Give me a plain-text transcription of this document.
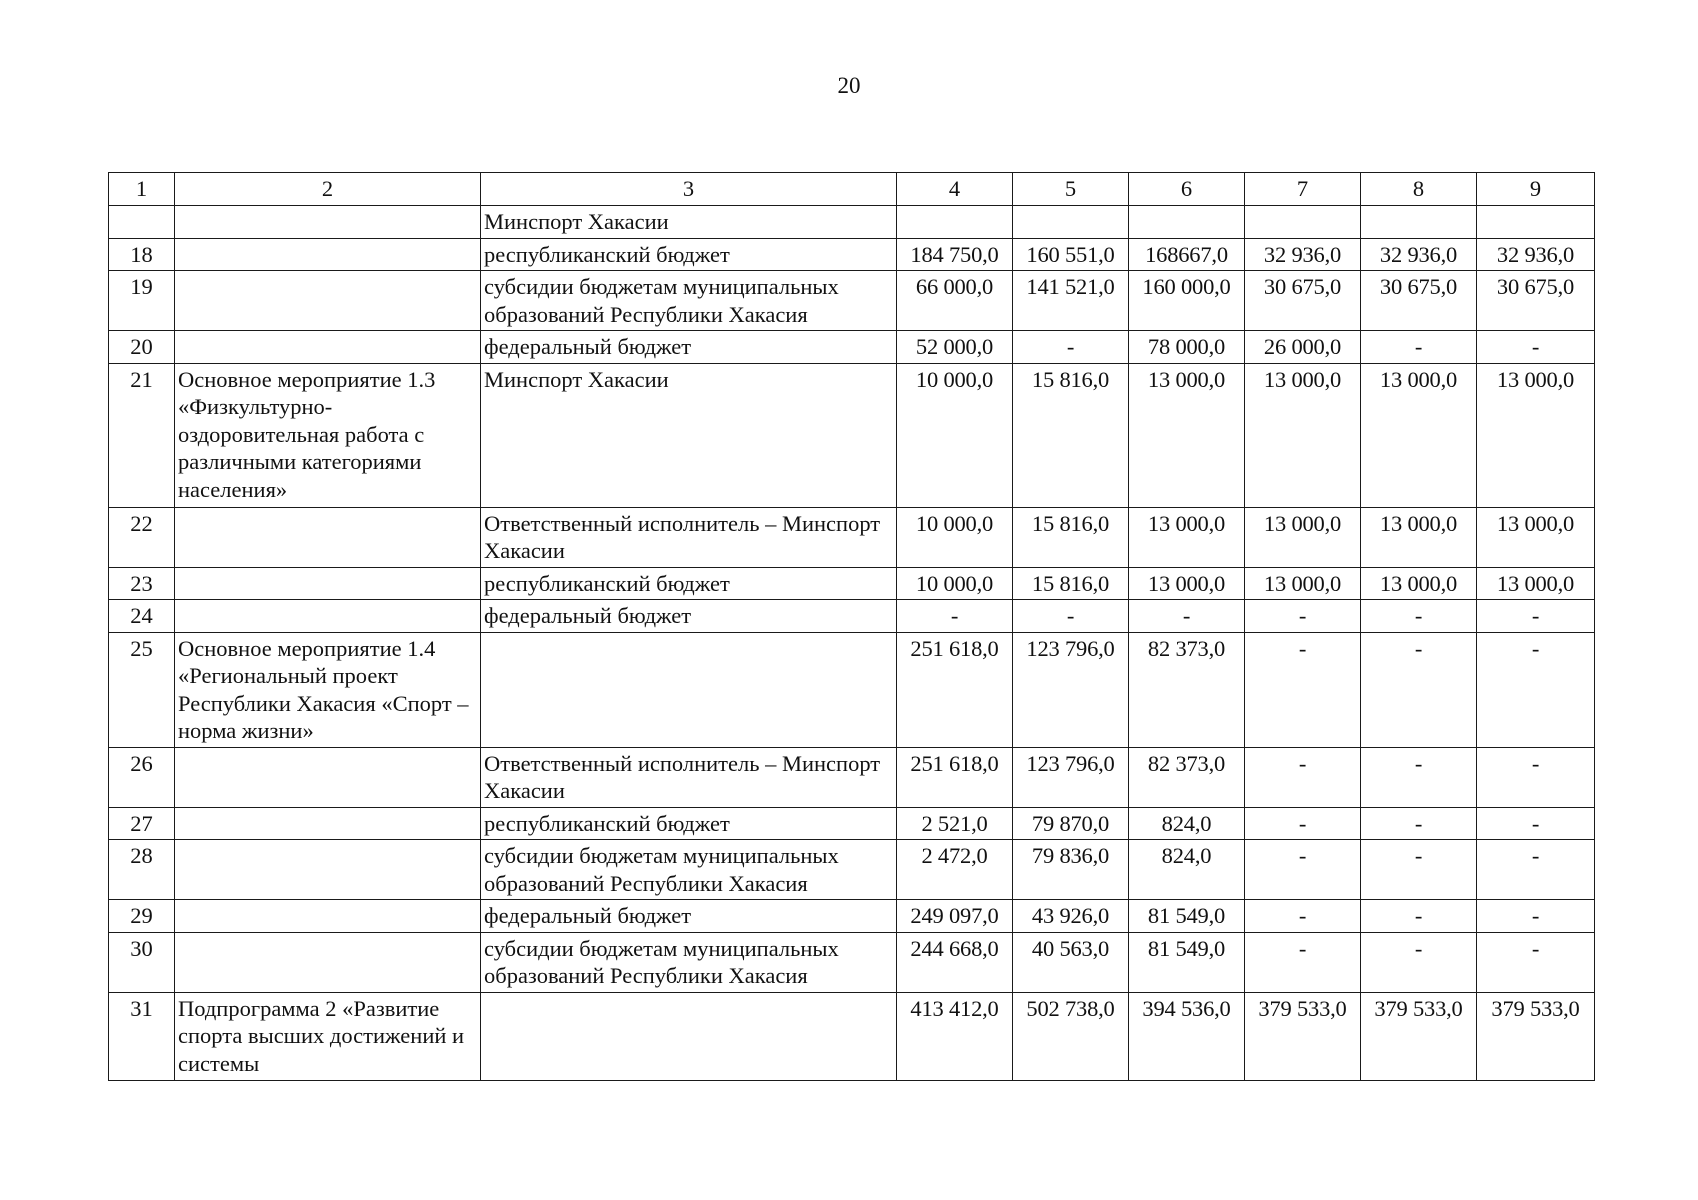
20
1	2	3	4	5	6	7	8	9
		Минспорт Хакасии						
18		республиканский бюджет	184 750,0	160 551,0	168667,0	32 936,0	32 936,0	32 936,0
19		субсидии бюджетам муниципальных образований Республики Хакасия	66 000,0	141 521,0	160 000,0	30 675,0	30 675,0	30 675,0
20		федеральный бюджет	52 000,0	-	78 000,0	26 000,0	-	-
21	Основное мероприятие 1.3 «Физкультурно-оздоровительная работа с различными категориями населения»	Минспорт Хакасии	10 000,0	15 816,0	13 000,0	13 000,0	13 000,0	13 000,0
22		Ответственный исполнитель – Минспорт Хакасии	10 000,0	15 816,0	13 000,0	13 000,0	13 000,0	13 000,0
23		республиканский бюджет	10 000,0	15 816,0	13 000,0	13 000,0	13 000,0	13 000,0
24		федеральный бюджет	-	-	-	-	-	-
25	Основное мероприятие 1.4 «Региональный проект Республики Хакасия «Спорт – норма жизни»		251 618,0	123 796,0	82 373,0	-	-	-
26		Ответственный исполнитель – Минспорт Хакасии	251 618,0	123 796,0	82 373,0	-	-	-
27		республиканский бюджет	2 521,0	79 870,0	824,0	-	-	-
28		субсидии бюджетам муниципальных образований Республики Хакасия	2 472,0	79 836,0	824,0	-	-	-
29		федеральный бюджет	249 097,0	43 926,0	81 549,0	-	-	-
30		субсидии бюджетам муниципальных образований Республики Хакасия	244 668,0	40 563,0	81 549,0	-	-	-
31	Подпрограмма 2 «Развитие спорта высших достижений и системы		413 412,0	502 738,0	394 536,0	379 533,0	379 533,0	379 533,0
